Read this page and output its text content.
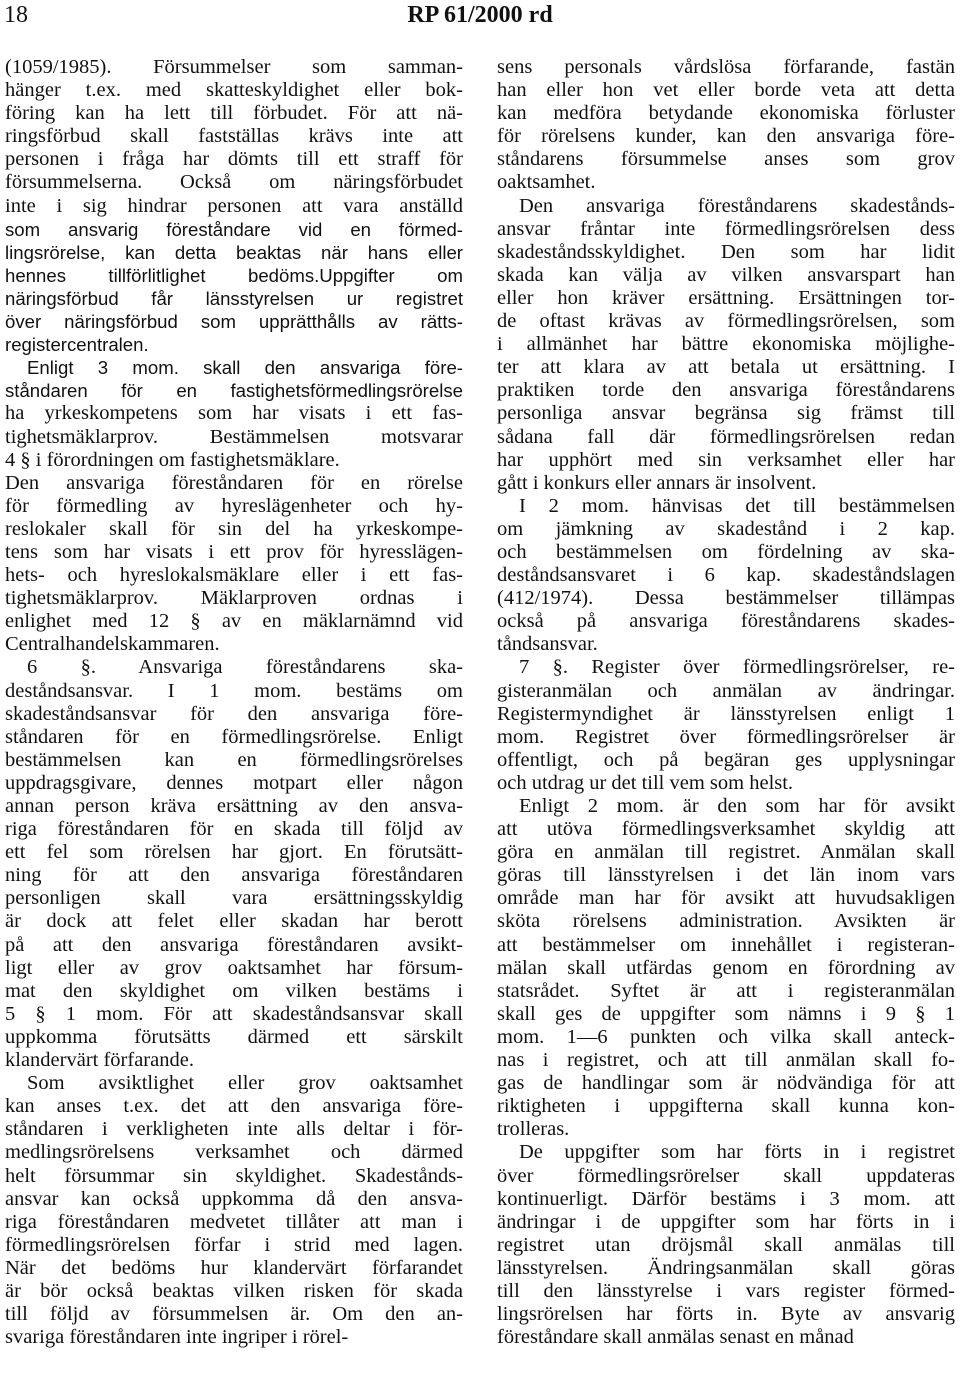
18	RP 61/2000 rd
(1059/1985). Försummelser som samman-
hänger t.ex. med skatteskyldighet eller bok-
föring kan ha lett till förbudet. För att nä-
ringsförbud skall fastställas krävs inte att
personen i fråga har dömts till ett straff för
försummelserna. Också om näringsförbudet
inte i sig hindrar personen att vara anställd
som ansvarig föreståndare vid en förmed-
lingsrörelse, kan detta beaktas när hans eller
hennes tillförlitlighet bedöms.Uppgifter om
näringsförbud får länsstyrelsen ur registret
över näringsförbud som upprätthålls av rätts-
registercentralen.
Enligt 3 mom. skall den ansvariga före-
ståndaren för en fastighetsförmedlingsrörelse
ha yrkeskompetens som har visats i ett fas-
tighetsmäklarprov. Bestämmelsen motsvarar
4 § i förordningen om fastighetsmäklare.
Den ansvariga föreståndaren för en rörelse
för förmedling av hyreslägenheter och hy-
reslokaler skall för sin del ha yrkeskompe-
tens som har visats i ett prov för hyresslägen-
hets- och hyreslokalsmäklare eller i ett fas-
tighetsmäklarprov. Mäklarproven ordnas i
enlighet med 12 § av en mäklarnämnd vid
Centralhandelskammaren.
6 §. Ansvariga föreståndarens ska-
deståndsansvar. I 1 mom. bestäms om
skadeståndsansvar för den ansvariga före-
ståndaren för en förmedlingsrörelse. Enligt
bestämmelsen kan en förmedlingsrörelses
uppdragsgivare, dennes motpart eller någon
annan person kräva ersättning av den ansva-
riga föreståndaren för en skada till följd av
ett fel som rörelsen har gjort. En förutsätt-
ning för att den ansvariga föreståndaren
personligen skall vara ersättningsskyldig
är dock att felet eller skadan har berott
på att den ansvariga föreståndaren avsikt-
ligt eller av grov oaktsamhet har försum-
mat den skyldighet om vilken bestäms i
5 § 1 mom. För att skadeståndsansvar skall
uppkomma förutsätts därmed ett särskilt
klandervärt förfarande.
Som avsiktlighet eller grov oaktsamhet
kan anses t.ex. det att den ansvariga före-
ståndaren i verkligheten inte alls deltar i för-
medlingsrörelsens verksamhet och därmed
helt försummar sin skyldighet. Skadestånds-
ansvar kan också uppkomma då den ansva-
riga föreståndaren medvetet tillåter att man i
förmedlingsrörelsen förfar i strid med lagen.
När det bedöms hur klandervärt förfarandet
är bör också beaktas vilken risken för skada
till följd av försummelsen är. Om den an-
svariga föreståndaren inte ingriper i rörel-
sens personals vårdslösa förfarande, fastän
han eller hon vet eller borde veta att detta
kan medföra betydande ekonomiska förluster
för rörelsens kunder, kan den ansvariga före-
ståndarens försummelse anses som grov
oaktsamhet.
Den ansvariga föreståndarens skadestånds-
ansvar fråntar inte förmedlingsrörelsen dess
skadeståndsskyldighet. Den som har lidit
skada kan välja av vilken ansvarspart han
eller hon kräver ersättning. Ersättningen tor-
de oftast krävas av förmedlingsrörelsen, som
i allmänhet har bättre ekonomiska möjlighe-
ter att klara av att betala ut ersättning. I
praktiken torde den ansvariga föreståndarens
personliga ansvar begränsa sig främst till
sådana fall där förmedlingsrörelsen redan
har upphört med sin verksamhet eller har
gått i konkurs eller annars är insolvent.
I 2 mom. hänvisas det till bestämmelsen
om jämkning av skadestånd i 2 kap.
och bestämmelsen om fördelning av ska-
deståndsansvaret i 6 kap. skadeståndslagen
(412/1974). Dessa bestämmelser tillämpas
också på ansvariga föreståndarens skades-
tåndsansvar.
7 §. Register över förmedlingsrörelser, re-
gisteranmälan och anmälan av ändringar.
Registermyndighet är länsstyrelsen enligt 1
mom. Registret över förmedlingsrörelser är
offentligt, och på begäran ges upplysningar
och utdrag ur det till vem som helst.
Enligt 2 mom. är den som har för avsikt
att utöva förmedlingsverksamhet skyldig att
göra en anmälan till registret. Anmälan skall
göras till länsstyrelsen i det län inom vars
område man har för avsikt att huvudsakligen
sköta rörelsens administration. Avsikten är
att bestämmelser om innehållet i registeran-
mälan skall utfärdas genom en förordning av
statsrådet. Syftet är att i registeranmälan
skall ges de uppgifter som nämns i 9 § 1
mom. 1—6 punkten och vilka skall anteck-
nas i registret, och att till anmälan skall fo-
gas de handlingar som är nödvändiga för att
riktigheten i uppgifterna skall kunna kon-
trolleras.
De uppgifter som har förts in i registret
över förmedlingsrörelser skall uppdateras
kontinuerligt. Därför bestäms i 3 mom. att
ändringar i de uppgifter som har förts in i
registret utan dröjsmål skall anmälas till
länsstyrelsen. Ändringsanmälan skall göras
till den länsstyrelse i vars register förmed-
lingsrörelsen har förts in. Byte av ansvarig
föreståndare skall anmälas senast en månad
